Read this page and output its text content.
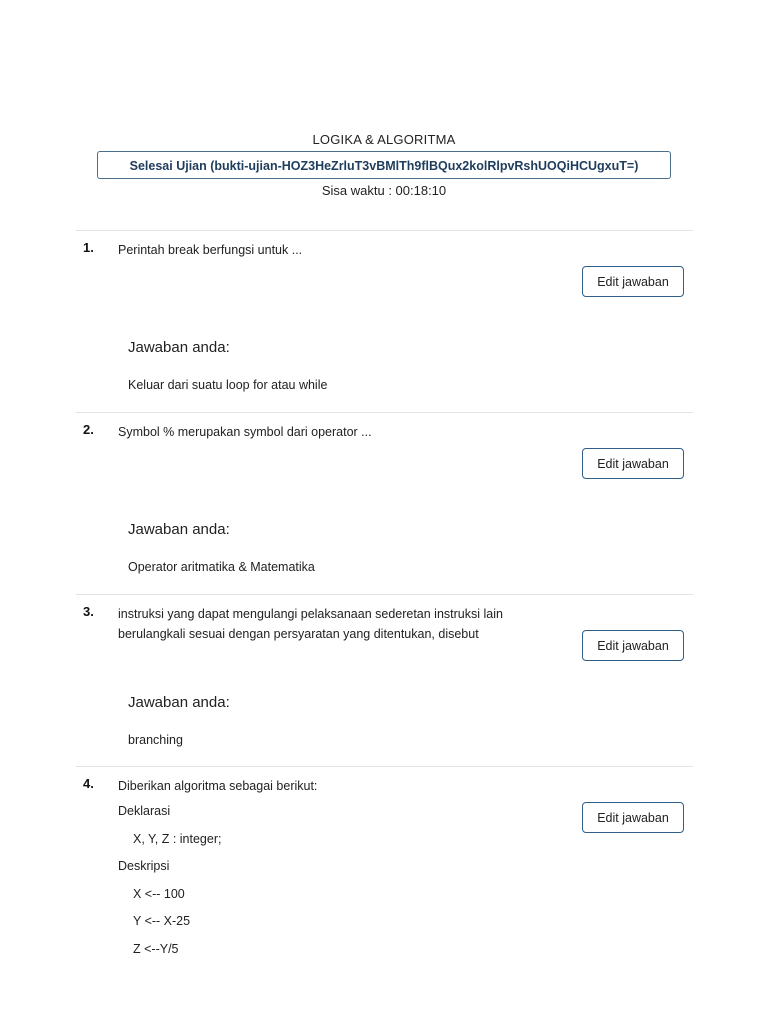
LOGIKA & ALGORITMA
Selesai Ujian (bukti-ujian-HOZ3HeZrluT3vBMlTh9flBQux2kolRlpvRshUOQiHCUgxuT=)
Sisa waktu : 00:18:10
1. Perintah break berfungsi untuk ...
Edit jawaban
Jawaban anda:
Keluar dari suatu loop for atau while
2. Symbol % merupakan symbol dari operator ...
Edit jawaban
Jawaban anda:
Operator aritmatika & Matematika
3. instruksi yang dapat mengulangi pelaksanaan sederetan instruksi lain
berulangkali sesuai dengan persyaratan yang ditentukan, disebut
Edit jawaban
Jawaban anda:
branching
4. Diberikan algoritma sebagai berikut:
Deklarasi
X, Y, Z : integer;
Deskripsi
X <-- 100
Y <-- X-25
Z <--Y/5
Edit jawaban
